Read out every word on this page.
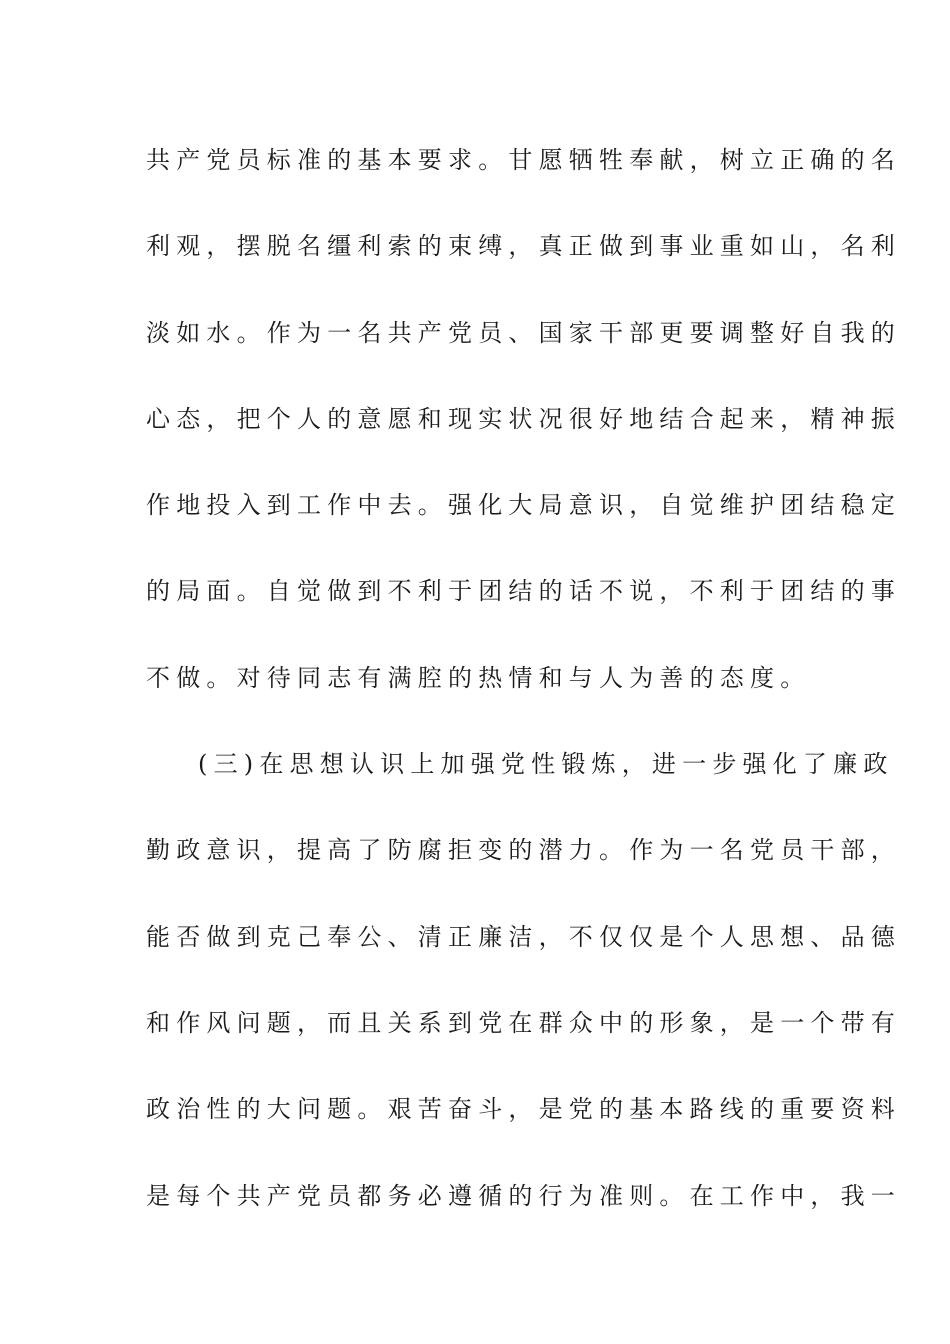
共产党员标准的基本要求。甘愿牺牲奉献，树立正确的名
利观，摆脱名缰利索的束缚，真正做到事业重如山，名利
淡如水。作为一名共产党员、国家干部更要调整好自我的
心态，把个人的意愿和现实状况很好地结合起来，精神振
作地投入到工作中去。强化大局意识，自觉维护团结稳定
的局面。自觉做到不利于团结的话不说，不利于团结的事
不做。对待同志有满腔的热情和与人为善的态度。
(三)在思想认识上加强党性锻炼，进一步强化了廉政
勤政意识，提高了防腐拒变的潜力。作为一名党员干部，
能否做到克己奉公、清正廉洁，不仅仅是个人思想、品德
和作风问题，而且关系到党在群众中的形象，是一个带有
政治性的大问题。艰苦奋斗，是党的基本路线的重要资料
是每个共产党员都务必遵循的行为准则。在工作中，我一
